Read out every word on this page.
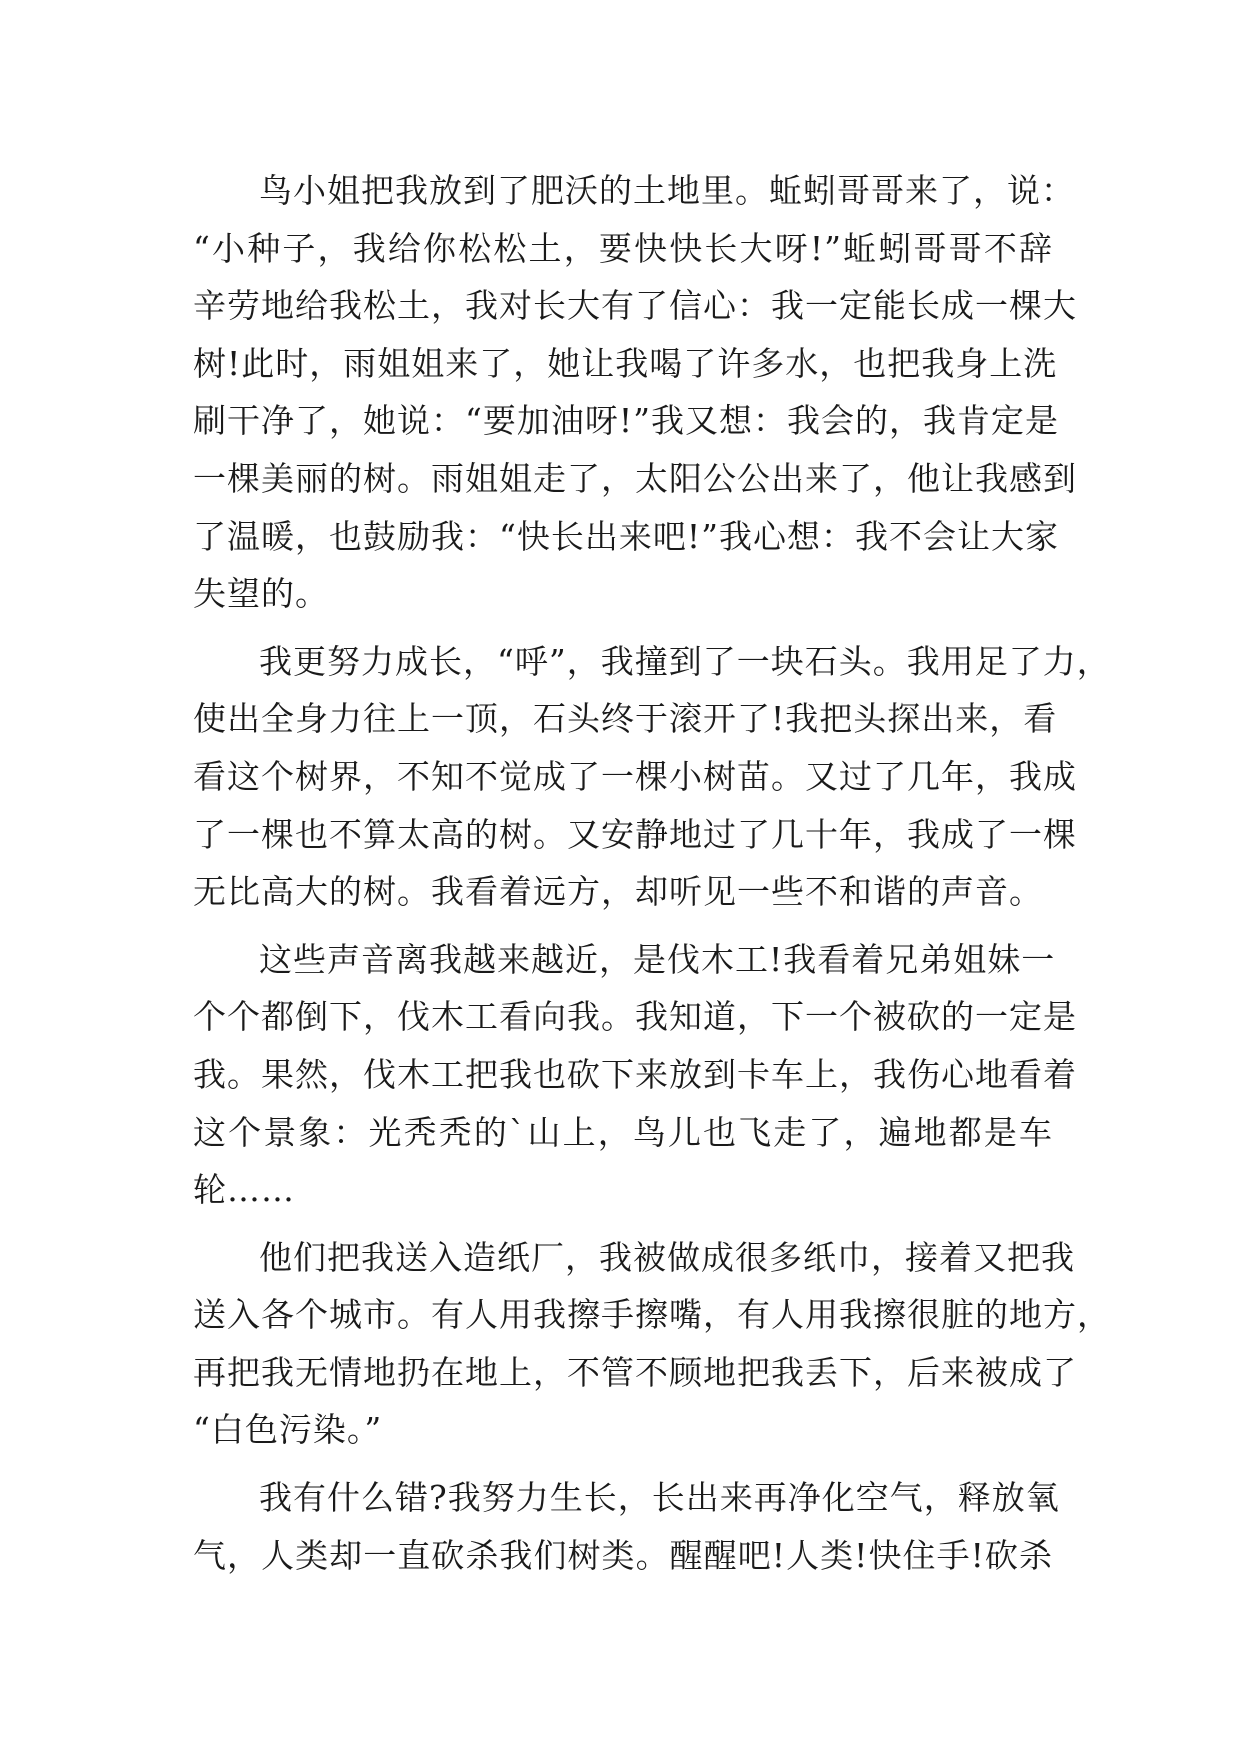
鸟小姐把我放到了肥沃的土地里。蚯蚓哥哥来了，说：
“小种子，我给你松松土，要快快长大呀!”蚯蚓哥哥不辞
辛劳地给我松土，我对长大有了信心：我一定能长成一棵大
树!此时，雨姐姐来了，她让我喝了许多水，也把我身上洗
刷干净了，她说：“要加油呀!”我又想：我会的，我肯定是
一棵美丽的树。雨姐姐走了，太阳公公出来了，他让我感到
了温暖，也鼓励我：“快长出来吧!”我心想：我不会让大家
失望的。
我更努力成长，“呼”，我撞到了一块石头。我用足了力，
使出全身力往上一顶，石头终于滚开了!我把头探出来，看
看这个树界，不知不觉成了一棵小树苗。又过了几年，我成
了一棵也不算太高的树。又安静地过了几十年，我成了一棵
无比高大的树。我看着远方，却听见一些不和谐的声音。
这些声音离我越来越近，是伐木工!我看着兄弟姐妹一
个个都倒下，伐木工看向我。我知道，下一个被砍的一定是
我。果然，伐木工把我也砍下来放到卡车上，我伤心地看着
这个景象：光秃秃的`山上，鸟儿也飞走了，遍地都是车
轮……
他们把我送入造纸厂，我被做成很多纸巾，接着又把我
送入各个城市。有人用我擦手擦嘴，有人用我擦很脏的地方，
再把我无情地扔在地上，不管不顾地把我丢下，后来被成了
“白色污染。”
我有什么错?我努力生长，长出来再净化空气，释放氧
气，人类却一直砍杀我们树类。醒醒吧!人类!快住手!砍杀
